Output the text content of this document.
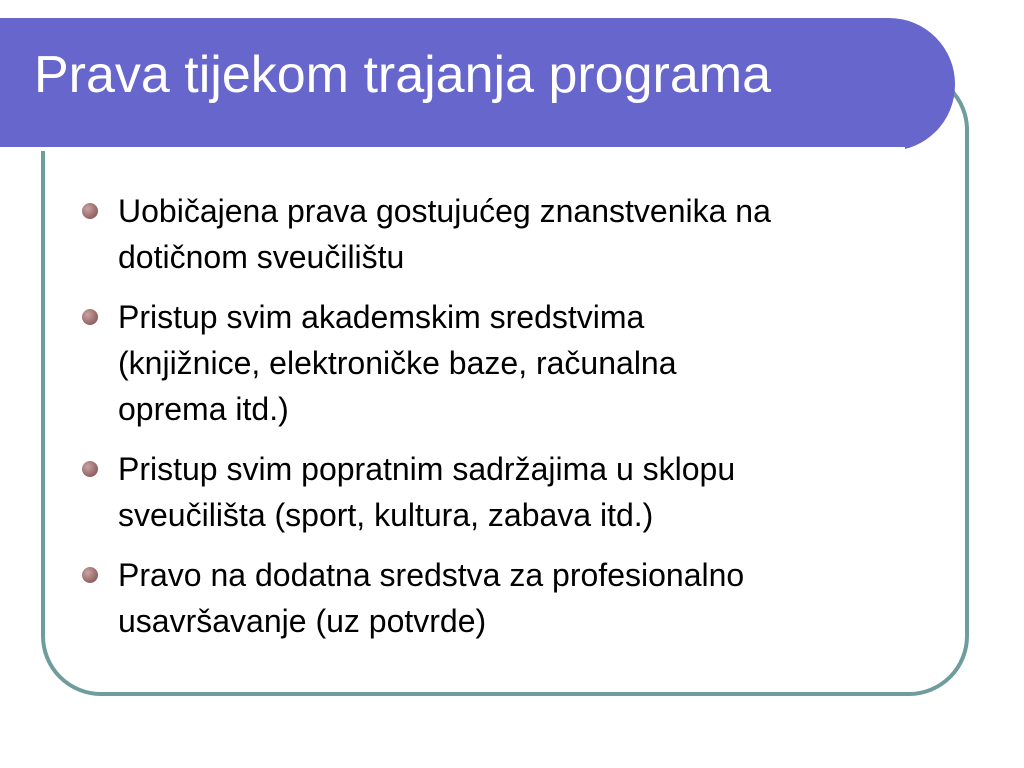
Prava tijekom trajanja programa
Uobičajena prava gostujućeg znanstvenika na
dotičnom sveučilištu
Pristup svim akademskim sredstvima
(knjižnice, elektroničke baze, računalna
oprema itd.)
Pristup svim popratnim sadržajima u sklopu
sveučilišta (sport, kultura, zabava itd.)
Pravo na dodatna sredstva za profesionalno
usavršavanje (uz potvrde)
